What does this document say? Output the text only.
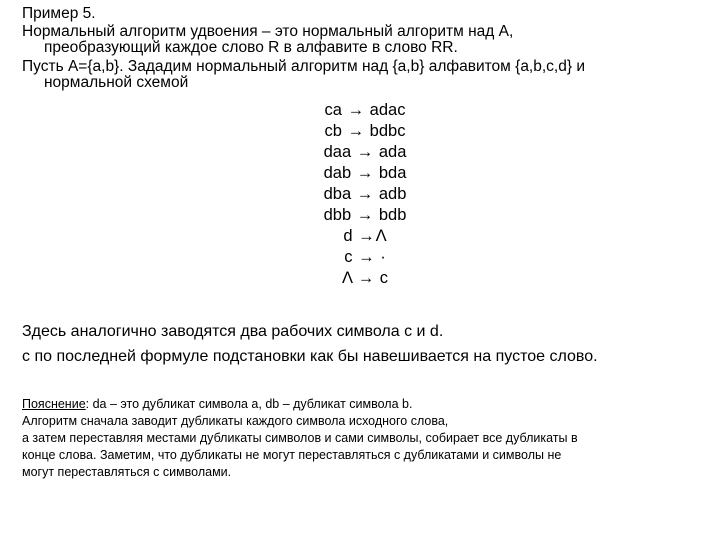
Пример 5.
Нормальный алгоритм удвоения – это нормальный алгоритм над A,
преобразующий каждое слово R в алфавите в слово RR.
Пусть A={a,b}. Зададим нормальный алгоритм над {a,b} алфавитом {a,b,c,d} и
нормальной схемой
ca → adac
cb → bdbc
daa → ada
dab → bda
dba → adb
dbb → bdb
d →Λ
c → ·
Λ → c
Здесь аналогично заводятся два рабочих символа c и d.
c по последней формуле подстановки как бы навешивается на пустое слово.
Пояснение: da – это дубликат символа a, db – дубликат символа b.
Алгоритм сначала заводит дубликаты каждого символа исходного слова,
а затем переставляя местами дубликаты символов и сами символы, собирает все дубликаты в
конце слова. Заметим, что дубликаты не могут переставляться с дубликатами и символы не
могут переставляться с символами.
